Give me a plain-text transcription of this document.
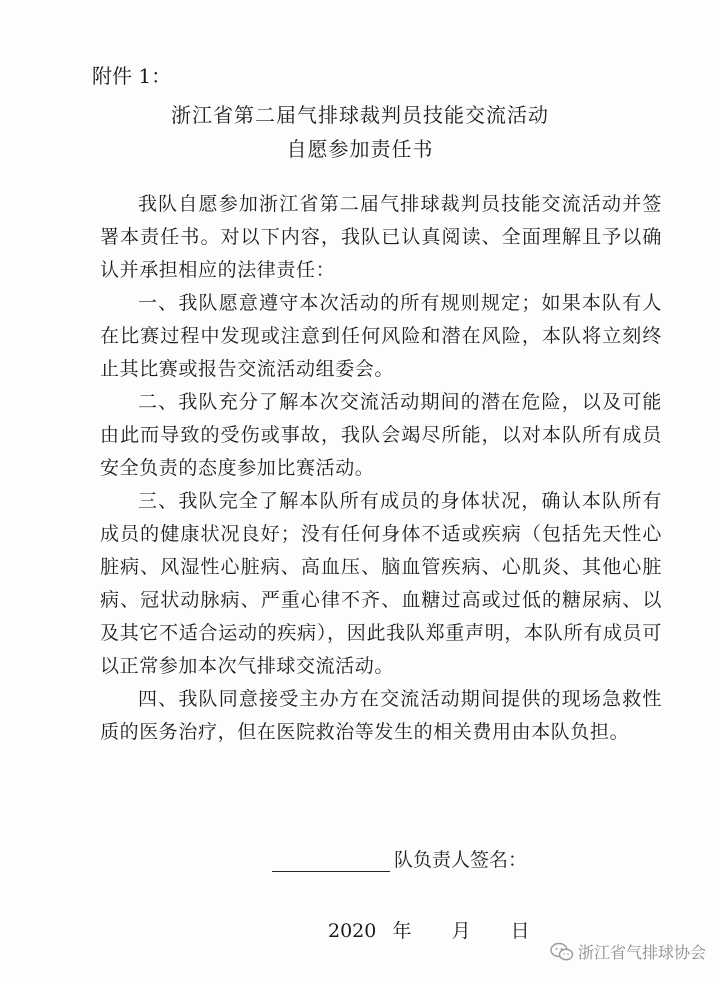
附件 1：
浙江省第二届气排球裁判员技能交流活动
自愿参加责任书

我队自愿参加浙江省第二届气排球裁判员技能交流活动并签署本责任书。对以下内容，我队已认真阅读、全面理解且予以确认并承担相应的法律责任：

一、我队愿意遵守本次活动的所有规则规定；如果本队有人在比赛过程中发现或注意到任何风险和潜在风险，本队将立刻终止其比赛或报告交流活动组委会。

二、我队充分了解本次交流活动期间的潜在危险，以及可能由此而导致的受伤或事故，我队会竭尽所能，以对本队所有成员安全负责的态度参加比赛活动。

三、我队完全了解本队所有成员的身体状况，确认本队所有成员的健康状况良好；没有任何身体不适或疾病（包括先天性心脏病、风湿性心脏病、高血压、脑血管疾病、心肌炎、其他心脏病、冠状动脉病、严重心律不齐、血糖过高或过低的糖尿病、以及其它不适合运动的疾病），因此我队郑重声明，本队所有成员可以正常参加本次气排球交流活动。

四、我队同意接受主办方在交流活动期间提供的现场急救性质的医务治疗，但在医院救治等发生的相关费用由本队负担。

队负责人签名：
2020 年 月 日
浙江省气排球协会
